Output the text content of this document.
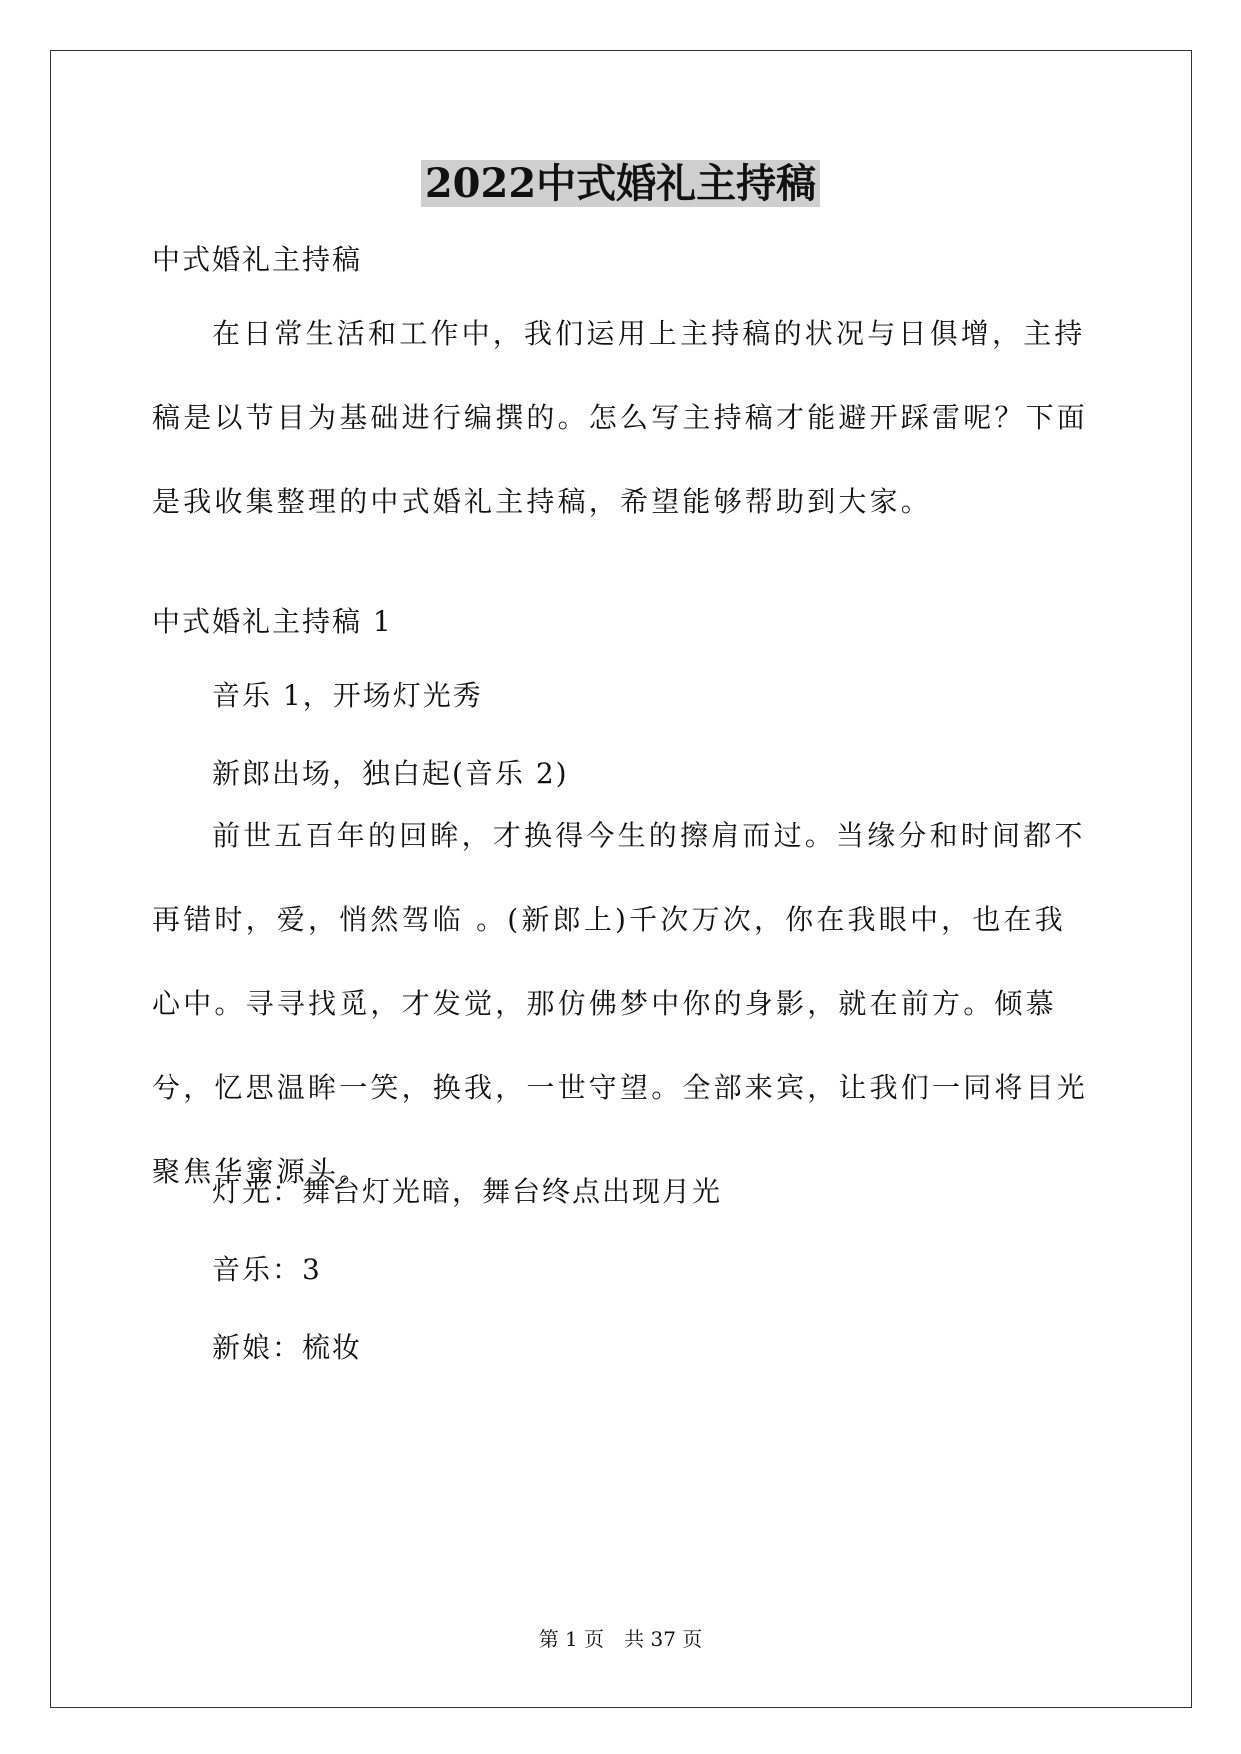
2022中式婚礼主持稿

中式婚礼主持稿

在日常生活和工作中，我们运用上主持稿的状况与日俱增，主持稿是以节目为基础进行编撰的。怎么写主持稿才能避开踩雷呢？下面是我收集整理的中式婚礼主持稿，希望能够帮助到大家。

中式婚礼主持稿 1

音乐 1，开场灯光秀

新郎出场，独白起(音乐 2)

前世五百年的回眸，才换得今生的擦肩而过。当缘分和时间都不再错时，爱，悄然驾临 。(新郎上)千次万次，你在我眼中，也在我心中。寻寻找觅，才发觉，那仿佛梦中你的身影，就在前方。倾慕兮，忆思温眸一笑，换我，一世守望。全部来宾，让我们一同将目光聚焦华蜜源头。

灯光：舞台灯光暗，舞台终点出现月光

音乐：3

新娘：梳妆

第 1 页 共 37 页
